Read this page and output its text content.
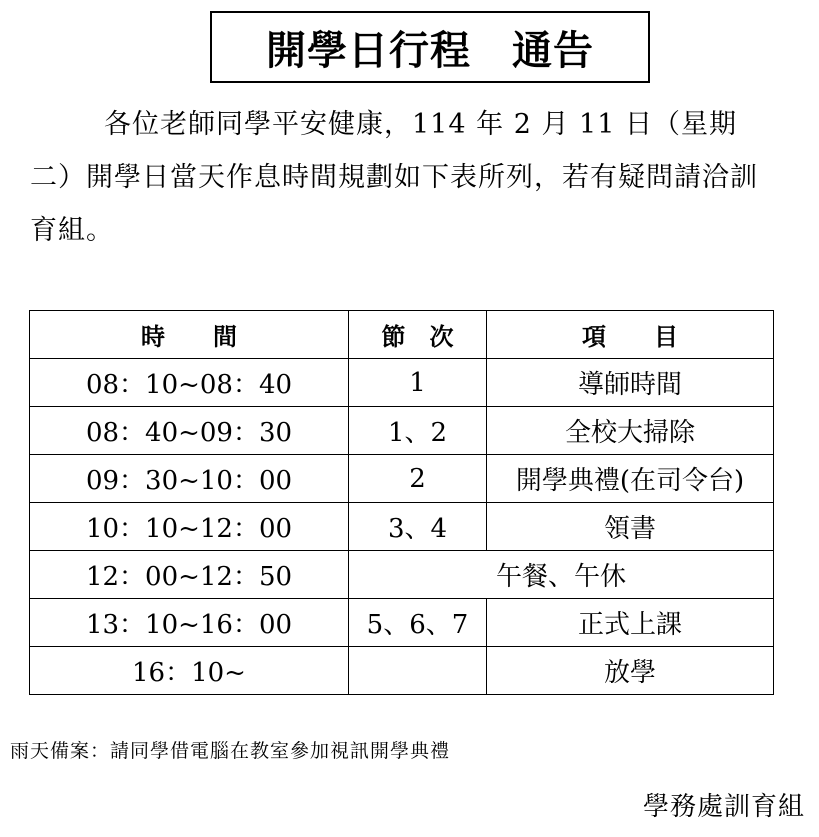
開學日行程　通告

各位老師同學平安健康，114 年 2 月 11 日（星期二）開學日當天作息時間規劃如下表所列，若有疑問請洽訓育組。

時　　間	節　次	項　　目
08：10~08：40	1	導師時間
08：40~09：30	1、2	全校大掃除
09：30~10：00	2	開學典禮(在司令台)
10：10~12：00	3、4	領書
12：00~12：50	午餐、午休	
13：10~16：00	5、6、7	正式上課
16：10~		放學
雨天備案：請同學借電腦在教室參加視訊開學典禮
學務處訓育組
